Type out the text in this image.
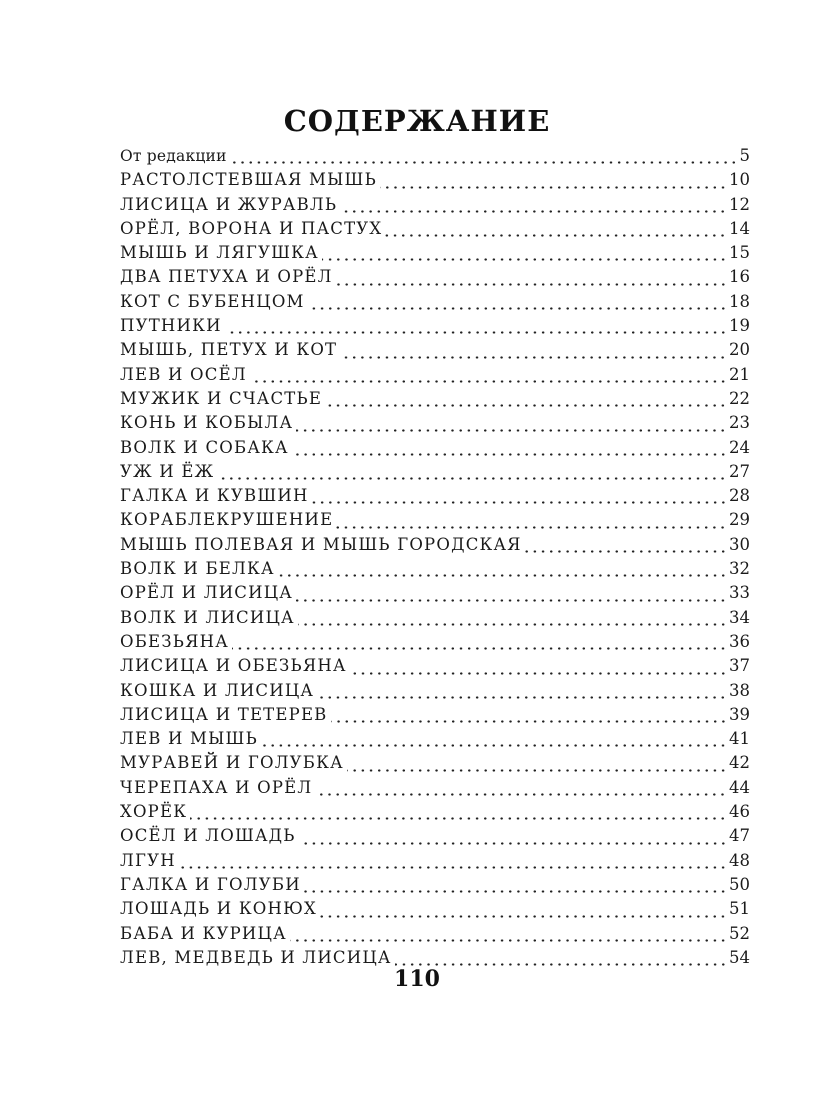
СОДЕРЖАНИЕ
От редакции	5
РАСТОЛСТЕВШАЯ МЫШЬ	10
ЛИСИЦА И ЖУРАВЛЬ	12
ОРЁЛ, ВОРОНА И ПАСТУХ	14
МЫШЬ И ЛЯГУШКА	15
ДВА ПЕТУХА И ОРЁЛ	16
КОТ С БУБЕНЦОМ	18
ПУТНИКИ	19
МЫШЬ, ПЕТУХ И КОТ	20
ЛЕВ И ОСЁЛ	21
МУЖИК И СЧАСТЬЕ	22
КОНЬ И КОБЫЛА	23
ВОЛК И СОБАКА	24
УЖ И ЁЖ	27
ГАЛКА И КУВШИН	28
КОРАБЛЕКРУШЕНИЕ	29
МЫШЬ ПОЛЕВАЯ И МЫШЬ ГОРОДСКАЯ	30
ВОЛК И БЕЛКА	32
ОРЁЛ И ЛИСИЦА	33
ВОЛК И ЛИСИЦА	34
ОБЕЗЬЯНА	36
ЛИСИЦА И ОБЕЗЬЯНА	37
КОШКА И ЛИСИЦА	38
ЛИСИЦА И ТЕТЕРЕВ	39
ЛЕВ И МЫШЬ	41
МУРАВЕЙ И ГОЛУБКА	42
ЧЕРЕПАХА И ОРЁЛ	44
ХОРЁК	46
ОСЁЛ И ЛОШАДЬ	47
ЛГУН	48
ГАЛКА И ГОЛУБИ	50
ЛОШАДЬ И КОНЮХ	51
БАБА И КУРИЦА	52
ЛЕВ, МЕДВЕДЬ И ЛИСИЦА	54
110
